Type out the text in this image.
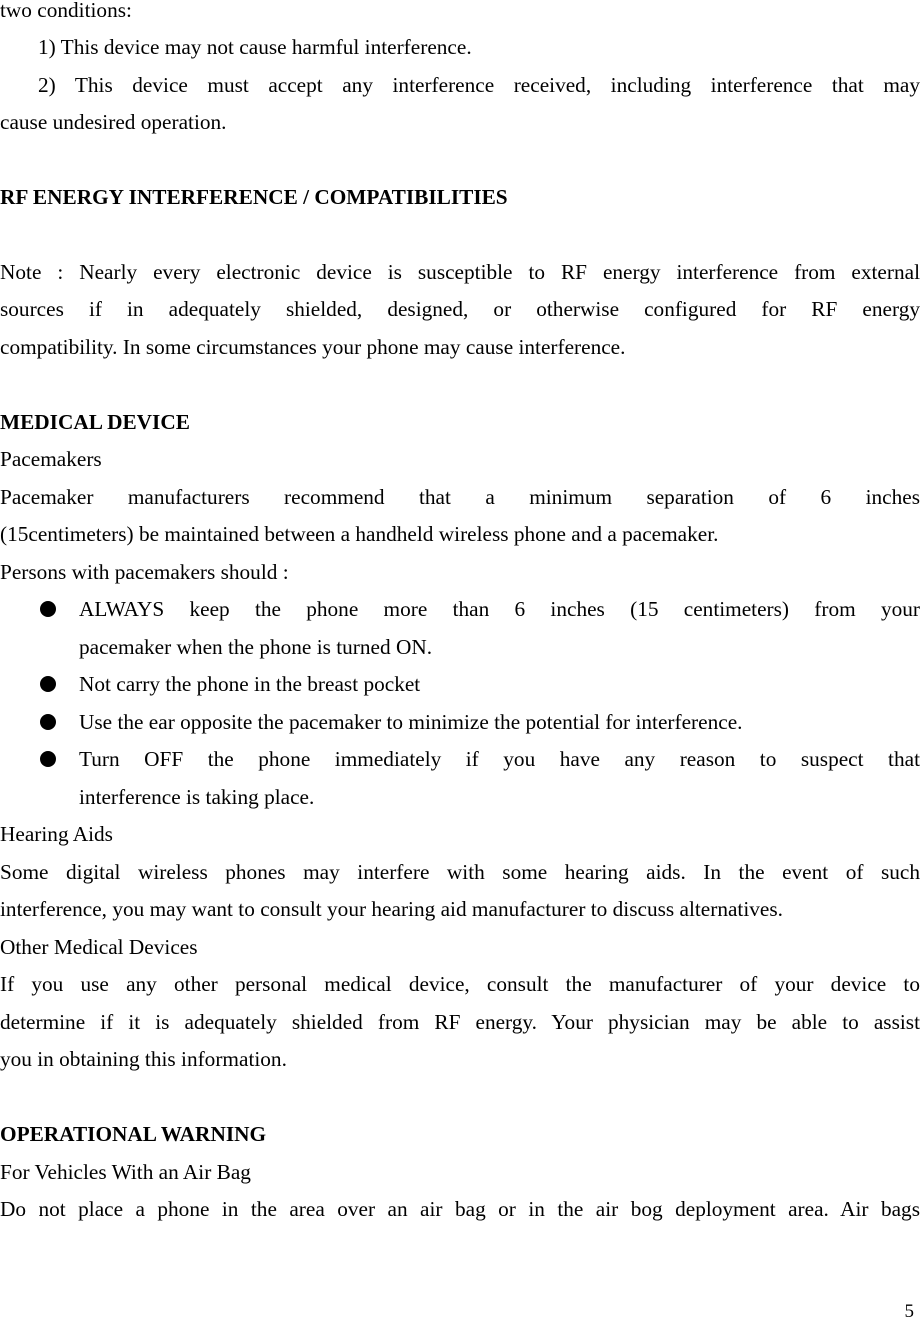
two conditions:
1) This device may not cause harmful interference.
2) This device must accept any interference received, including interference that may
cause undesired operation.
RF ENERGY INTERFERENCE / COMPATIBILITIES
Note : Nearly every electronic device is susceptible to RF energy interference from external
sources if in adequately shielded, designed, or otherwise configured for RF energy
compatibility. In some circumstances your phone may cause interference.
MEDICAL DEVICE
Pacemakers
Pacemaker manufacturers recommend that a minimum separation of 6 inches
(15centimeters) be maintained between a handheld wireless phone and a pacemaker.
Persons with pacemakers should :
ALWAYS keep the phone more than 6 inches (15 centimeters) from your
pacemaker when the phone is turned ON.
Not carry the phone in the breast pocket
Use the ear opposite the pacemaker to minimize the potential for interference.
Turn OFF the phone immediately if you have any reason to suspect that
interference is taking place.
Hearing Aids
Some digital wireless phones may interfere with some hearing aids. In the event of such
interference, you may want to consult your hearing aid manufacturer to discuss alternatives.
Other Medical Devices
If you use any other personal medical device, consult the manufacturer of your device to
determine if it is adequately shielded from RF energy. Your physician may be able to assist
you in obtaining this information.
OPERATIONAL WARNING
For Vehicles With an Air Bag
Do not place a phone in the area over an air bag or in the air bog deployment area. Air bags
5
